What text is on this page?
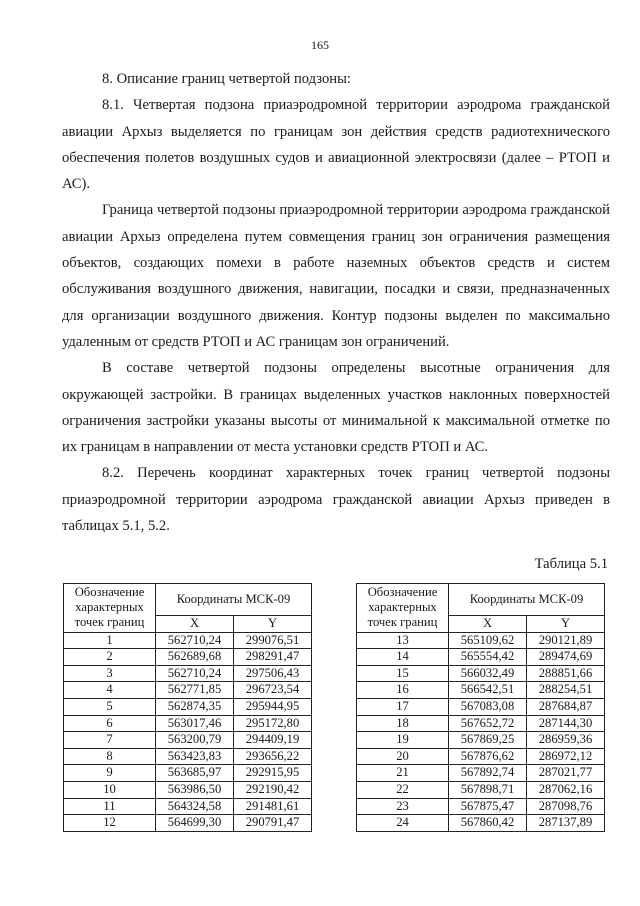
165
8. Описание границ четвертой подзоны:

8.1. Четвертая подзона приаэродромной территории аэродрома гражданской авиации Архыз выделяется по границам зон действия средств радиотехнического обеспечения полетов воздушных судов и авиационной электросвязи (далее – РТОП и АС).

Граница четвертой подзоны приаэродромной территории аэродрома гражданской авиации Архыз определена путем совмещения границ зон ограничения размещения объектов, создающих помехи в работе наземных объектов средств и систем обслуживания воздушного движения, навигации, посадки и связи, предназначенных для организации воздушного движения. Контур подзоны выделен по максимально удаленным от средств РТОП и АС границам зон ограничений.

В составе четвертой подзоны определены высотные ограничения для окружающей застройки. В границах выделенных участков наклонных поверхностей ограничения застройки указаны высоты от минимальной к максимальной отметке по их границам в направлении от места установки средств РТОП и АС.

8.2. Перечень координат характерных точек границ четвертой подзоны приаэродромной территории аэродрома гражданской авиации Архыз приведен в таблицах 5.1, 5.2.

Таблица 5.1
Обозначение характерных точек границ	Координаты МСК-09	
	X	Y
1	562710,24	299076,51
2	562689,68	298291,47
3	562710,24	297506,43
4	562771,85	296723,54
5	562874,35	295944,95
6	563017,46	295172,80
7	563200,79	294409,19
8	563423,83	293656,22
9	563685,97	292915,95
10	563986,50	292190,42
11	564324,58	291481,61
12	564699,30	290791,47
Обозначение характерных точек границ	Координаты МСК-09	
	X	Y
13	565109,62	290121,89
14	565554,42	289474,69
15	566032,49	288851,66
16	566542,51	288254,51
17	567083,08	287684,87
18	567652,72	287144,30
19	567869,25	286959,36
20	567876,62	286972,12
21	567892,74	287021,77
22	567898,71	287062,16
23	567875,47	287098,76
24	567860,42	287137,89
